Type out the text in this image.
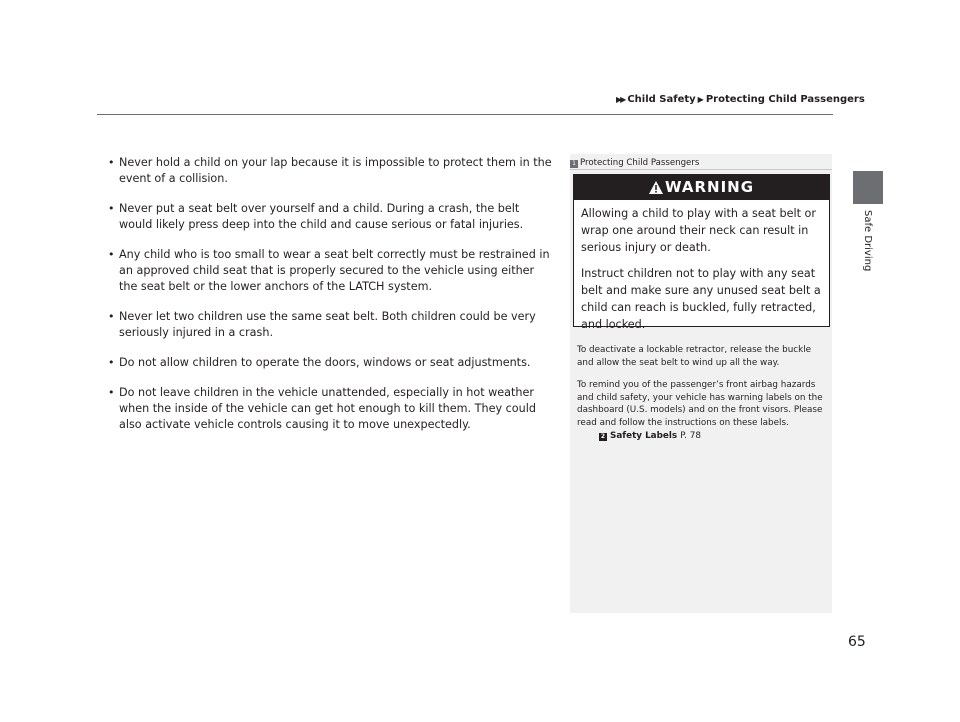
▶▶ Child Safety ▶ Protecting Child Passengers
Safe Driving
• Never hold a child on your lap because it is impossible to protect them in the event of a collision.
• Never put a seat belt over yourself and a child. During a crash, the belt would likely press deep into the child and cause serious or fatal injuries.
• Any child who is too small to wear a seat belt correctly must be restrained in an approved child seat that is properly secured to the vehicle using either the seat belt or the lower anchors of the LATCH system.
• Never let two children use the same seat belt. Both children could be very seriously injured in a crash.
• Do not allow children to operate the doors, windows or seat adjustments.
• Do not leave children in the vehicle unattended, especially in hot weather when the inside of the vehicle can get hot enough to kill them. They could also activate vehicle controls causing it to move unexpectedly.
1 Protecting Child Passengers
WARNING

Allowing a child to play with a seat belt or wrap one around their neck can result in serious injury or death.

Instruct children not to play with any seat belt and make sure any unused seat belt a child can reach is buckled, fully retracted, and locked.

To deactivate a lockable retractor, release the buckle and allow the seat belt to wind up all the way.

To remind you of the passenger’s front airbag hazards and child safety, your vehicle has warning labels on the dashboard (U.S. models) and on the front visors. Please read and follow the instructions on these labels.

2 Safety Labels P. 78
65
